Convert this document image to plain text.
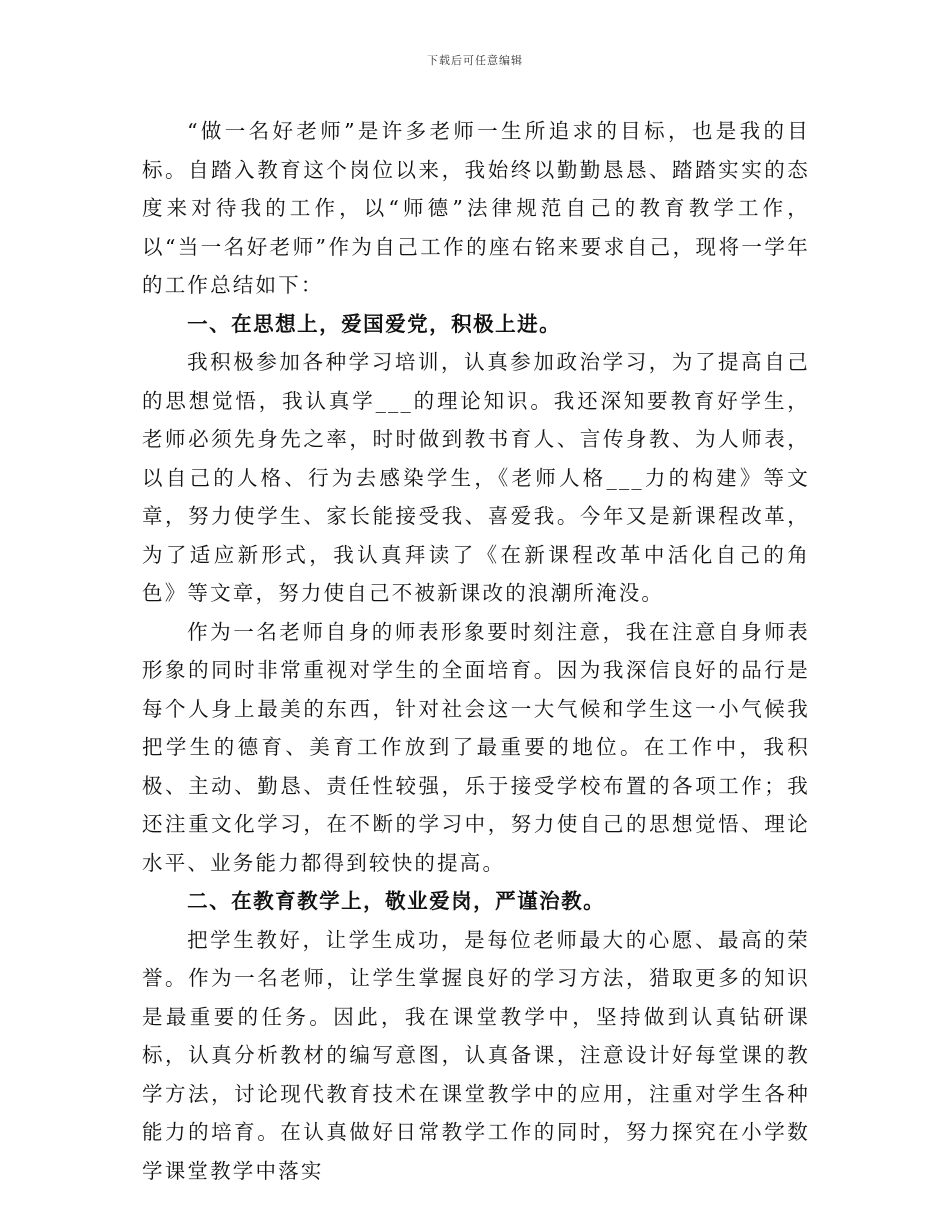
下载后可任意编辑

“做一名好老师”是许多老师一生所追求的目标，也是我的目标。自踏入教育这个岗位以来，我始终以勤勤恳恳、踏踏实实的态度来对待我的工作，以“师德”法律规范自己的教育教学工作，以“当一名好老师”作为自己工作的座右铭来要求自己，现将一学年的工作总结如下：

一、在思想上，爱国爱党，积极上进。

我积极参加各种学习培训，认真参加政治学习，为了提高自己的思想觉悟，我认真学___的理论知识。我还深知要教育好学生，老师必须先身先之率，时时做到教书育人、言传身教、为人师表，以自己的人格、行为去感染学生，《老师人格___力的构建》等文章，努力使学生、家长能接受我、喜爱我。今年又是新课程改革，为了适应新形式，我认真拜读了《在新课程改革中活化自己的角色》等文章，努力使自己不被新课改的浪潮所淹没。

作为一名老师自身的师表形象要时刻注意，我在注意自身师表形象的同时非常重视对学生的全面培育。因为我深信良好的品行是每个人身上最美的东西，针对社会这一大气候和学生这一小气候我把学生的德育、美育工作放到了最重要的地位。在工作中，我积极、主动、勤恳、责任性较强，乐于接受学校布置的各项工作；我还注重文化学习，在不断的学习中，努力使自己的思想觉悟、理论水平、业务能力都得到较快的提高。

二、在教育教学上，敬业爱岗，严谨治教。

把学生教好，让学生成功，是每位老师最大的心愿、最高的荣誉。作为一名老师，让学生掌握良好的学习方法，猎取更多的知识是最重要的任务。因此，我在课堂教学中，坚持做到认真钻研课标，认真分析教材的编写意图，认真备课，注意设计好每堂课的教学方法，讨论现代教育技术在课堂教学中的应用，注重对学生各种能力的培育。在认真做好日常教学工作的同时，努力探究在小学数学课堂教学中落实
